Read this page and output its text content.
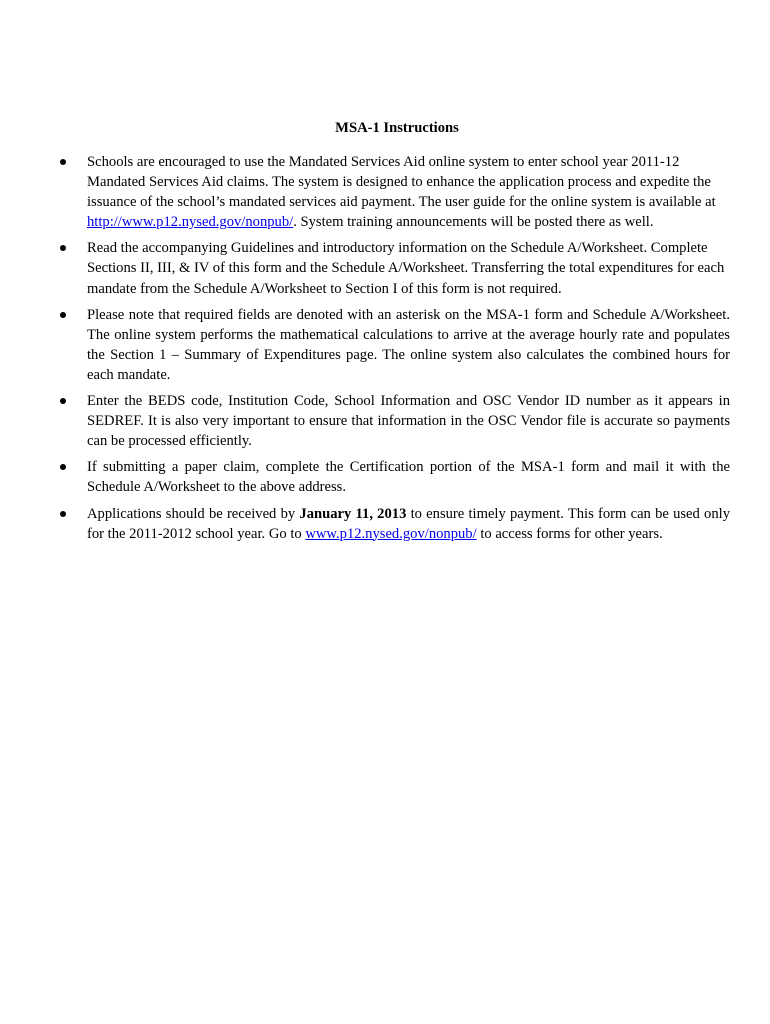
MSA-1 Instructions
Schools are encouraged to use the Mandated Services Aid online system to enter school year 2011-12 Mandated Services Aid claims. The system is designed to enhance the application process and expedite the issuance of the school’s mandated services aid payment. The user guide for the online system is available at http://www.p12.nysed.gov/nonpub/. System training announcements will be posted there as well.
Read the accompanying Guidelines and introductory information on the Schedule A/Worksheet. Complete Sections II, III, & IV of this form and the Schedule A/Worksheet. Transferring the total expenditures for each mandate from the Schedule A/Worksheet to Section I of this form is not required.
Please note that required fields are denoted with an asterisk on the MSA-1 form and Schedule A/Worksheet. The online system performs the mathematical calculations to arrive at the average hourly rate and populates the Section 1 – Summary of Expenditures page. The online system also calculates the combined hours for each mandate.
Enter the BEDS code, Institution Code, School Information and OSC Vendor ID number as it appears in SEDREF. It is also very important to ensure that information in the OSC Vendor file is accurate so payments can be processed efficiently.
If submitting a paper claim, complete the Certification portion of the MSA-1 form and mail it with the Schedule A/Worksheet to the above address.
Applications should be received by January 11, 2013 to ensure timely payment. This form can be used only for the 2011-2012 school year. Go to www.p12.nysed.gov/nonpub/ to access forms for other years.
